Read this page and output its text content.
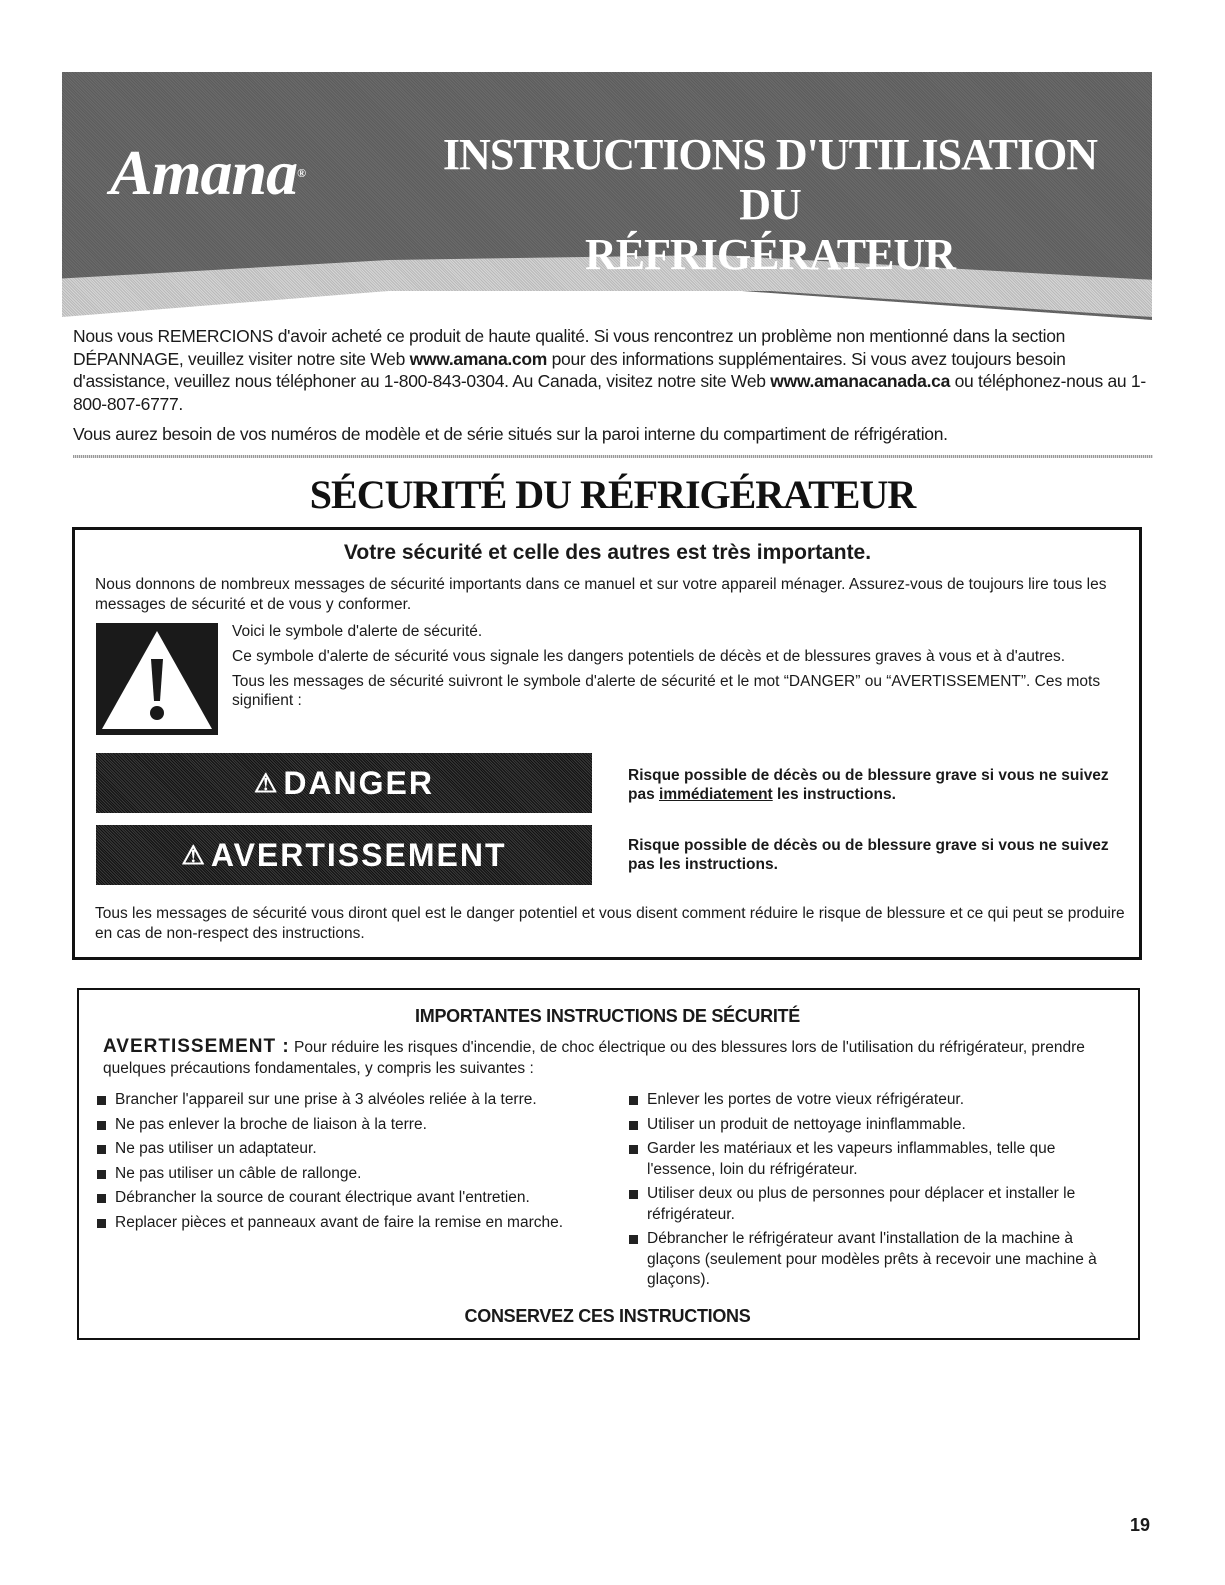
Amana®	INSTRUCTIONS D'UTILISATION DU
RÉFRIGÉRATEUR

Nous vous REMERCIONS d'avoir acheté ce produit de haute qualité. Si vous rencontrez un problème non mentionné dans la section DÉPANNAGE, veuillez visiter notre site Web www.amana.com pour des informations supplémentaires. Si vous avez toujours besoin d'assistance, veuillez nous téléphoner au 1-800-843-0304. Au Canada, visitez notre site Web www.amanacanada.ca ou téléphonez-nous au 1-800-807-6777.

Vous aurez besoin de vos numéros de modèle et de série situés sur la paroi interne du compartiment de réfrigération.

SÉCURITÉ DU RÉFRIGÉRATEUR
Votre sécurité et celle des autres est très importante.
Nous donnons de nombreux messages de sécurité importants dans ce manuel et sur votre appareil ménager. Assurez-vous de toujours lire tous les messages de sécurité et de vous y conformer.

Voici le symbole d'alerte de sécurité.

Ce symbole d'alerte de sécurité vous signale les dangers potentiels de décès et de blessures graves à vous et à d'autres.

Tous les messages de sécurité suivront le symbole d'alerte de sécurité et le mot “DANGER” ou “AVERTISSEMENT”. Ces mots signifient :

⚠ DANGER	Risque possible de décès ou de blessure grave si vous ne suivez pas immédiatement les instructions.
⚠ AVERTISSEMENT	Risque possible de décès ou de blessure grave si vous ne suivez pas les instructions.
Tous les messages de sécurité vous diront quel est le danger potentiel et vous disent comment réduire le risque de blessure et ce qui peut se produire en cas de non-respect des instructions.
IMPORTANTES INSTRUCTIONS DE SÉCURITÉ
AVERTISSEMENT : Pour réduire les risques d'incendie, de choc électrique ou des blessures lors de l'utilisation du réfrigérateur, prendre quelques précautions fondamentales, y compris les suivantes :
Brancher l'appareil sur une prise à 3 alvéoles reliée à la terre.
Ne pas enlever la broche de liaison à la terre.
Ne pas utiliser un adaptateur.
Ne pas utiliser un câble de rallonge.
Débrancher la source de courant électrique avant l'entretien.
Replacer pièces et panneaux avant de faire la remise en marche.
Enlever les portes de votre vieux réfrigérateur.
Utiliser un produit de nettoyage ininflammable.
Garder les matériaux et les vapeurs inflammables, telle que l'essence, loin du réfrigérateur.
Utiliser deux ou plus de personnes pour déplacer et installer le réfrigérateur.
Débrancher le réfrigérateur avant l'installation de la machine à glaçons (seulement pour modèles prêts à recevoir une machine à glaçons).
CONSERVEZ CES INSTRUCTIONS
19
